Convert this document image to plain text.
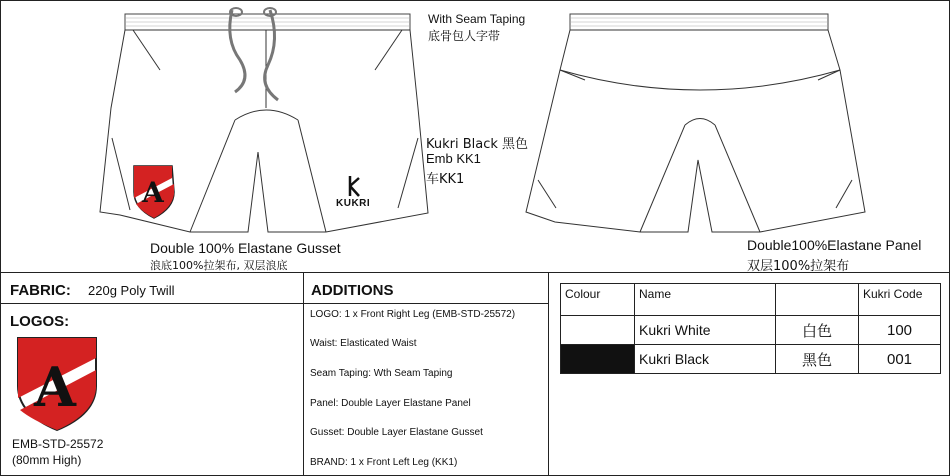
A	KUKRI
With Seam Taping
底骨包人字带
Kukri Black 黑色
Emb KK1
车KK1
Double 100% Elastane Gusset
浪底100%拉架布, 双层浪底
Double100%Elastane Panel
双层100%拉架布
FABRIC: 220g Poly Twill
LOGOS:
A
EMB-STD-25572
(80mm High)
ADDITIONS
LOGO: 1 x Front Right Leg (EMB-STD-25572)
Waist: Elasticated Waist
Seam Taping: Wth Seam Taping
Panel: Double Layer Elastane Panel
Gusset: Double Layer Elastane Gusset
BRAND: 1 x Front Left Leg (KK1)
Colour	Name		Kukri Code
	Kukri White	白色	100
	Kukri Black	黑色	001
